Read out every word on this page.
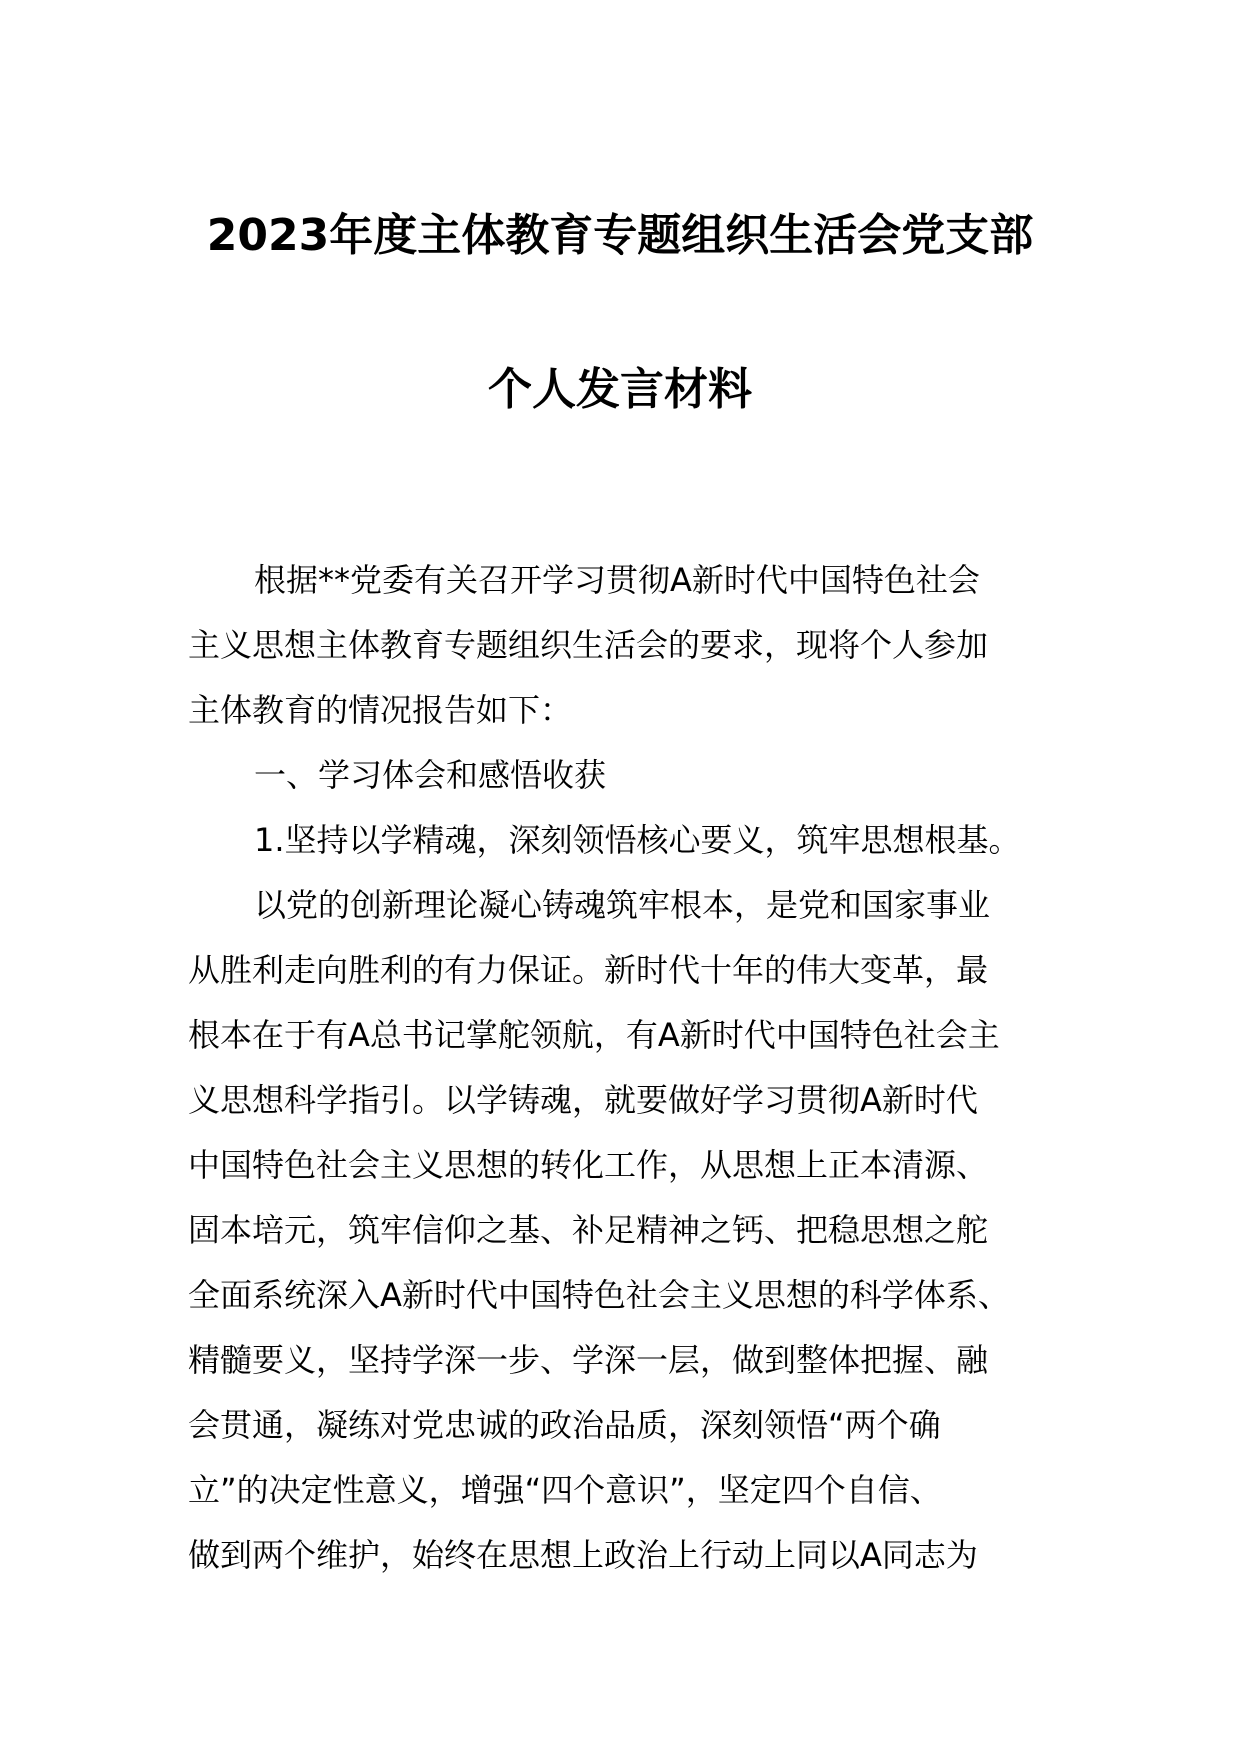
2023年度主体教育专题组织生活会党支部
个人发言材料
根据**党委有关召开学习贯彻A新时代中国特色社会
主义思想主体教育专题组织生活会的要求，现将个人参加
主体教育的情况报告如下：
一、学习体会和感悟收获
1.坚持以学精魂，深刻领悟核心要义，筑牢思想根基。
以党的创新理论凝心铸魂筑牢根本，是党和国家事业
从胜利走向胜利的有力保证。新时代十年的伟大变革，最
根本在于有A总书记掌舵领航，有A新时代中国特色社会主
义思想科学指引。以学铸魂，就要做好学习贯彻A新时代
中国特色社会主义思想的转化工作，从思想上正本清源、
固本培元，筑牢信仰之基、补足精神之钙、把稳思想之舵
全面系统深入A新时代中国特色社会主义思想的科学体系、
精髓要义，坚持学深一步、学深一层，做到整体把握、融
会贯通，凝练对党忠诚的政治品质，深刻领悟“两个确
立”的决定性意义，增强“四个意识”，坚定四个自信、
做到两个维护，始终在思想上政治上行动上同以A同志为
